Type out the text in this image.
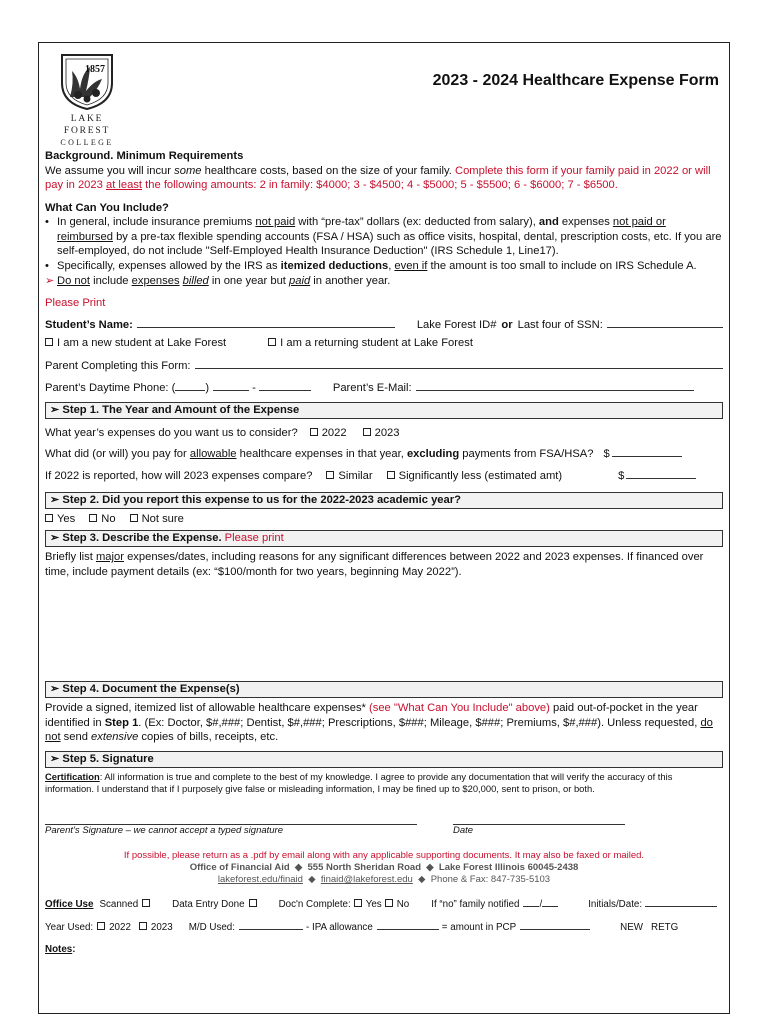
LAKE FOREST
COLLEGE
1857
2023 - 2024 Healthcare Expense Form

Background. Minimum Requirements

We assume you will incur some healthcare costs, based on the size of your family. Complete this form if your family paid in 2022 or will pay in 2023 at least the following amounts: 2 in family: $4000; 3 - $4500; 4 - $5000; 5 - $5500; 6 - $6000; 7 - $6500.

What Can You Include?

• In general, include insurance premiums not paid with “pre-tax” dollars (ex: deducted from salary), and expenses not paid or reimbursed by a pre-tax flexible spending accounts (FSA / HSA) such as office visits, hospital, dental, prescription costs, etc. If you are self-employed, do not include "Self-Employed Health Insurance Deduction" (IRS Schedule 1, Line17).
• Specifically, expenses allowed by the IRS as itemized deductions, even if the amount is too small to include on IRS Schedule A.
➢ Do not include expenses billed in one year but paid in another year.

Please Print

Student’s Name:	Lake Forest ID# or Last four of SSN:
I am a new student at Lake Forest	I am a returning student at Lake Forest
Parent Completing this Form:
Parent’s Daytime Phone: (	)	-	Parent’s E-Mail:
➢ Step 1. The Year and Amount of the Expense
What year’s expenses do you want us to consider? 2022	2023
What did (or will) you pay for allowable healthcare expenses in that year, excluding payments from FSA/HSA? $
If 2022 is reported, how will 2023 expenses compare? Similar Significantly less (estimated amt)	$
➢ Step 2. Did you report this expense to us for the 2022-2023 academic year?
Yes No Not sure
➢ Step 3. Describe the Expense. Please print

Briefly list major expenses/dates, including reasons for any significant differences between 2022 and 2023 expenses. If financed over time, include payment details (ex: “$100/month for two years, beginning May 2022”).

➢ Step 4. Document the Expense(s)

Provide a signed, itemized list of allowable healthcare expenses* (see "What Can You Include" above) paid out-of-pocket in the year identified in Step 1. (Ex: Doctor, $#,###; Dentist, $#,###; Prescriptions, $###; Mileage, $###; Premiums, $#,###). Unless requested, do not send extensive copies of bills, receipts, etc.

➢ Step 5. Signature

Certification: All information is true and complete to the best of my knowledge. I agree to provide any documentation that will verify the accuracy of this information. I understand that if I purposely give false or misleading information, I may be fined up to $20,000, sent to prison, or both.

Parent’s Signature – we cannot accept a typed signature	Date

If possible, please return as a .pdf by email along with any applicable supporting documents. It may also be faxed or mailed.

Office of Financial Aid  ◆  555 North Sheridan Road  ◆  Lake Forest Illinois 60045-2438

lakeforest.edu/finaid  ◆  finaid@lakeforest.edu  ◆  Phone & Fax: 847-735-5103

Office Use Scanned	Data Entry Done	Doc'n Complete: Yes No If “no” family notified /	Initials/Date:
Year Used: 2022 2023 M/D Used:	- IPA allowance	= amount in PCP	NEW RETG
Notes:
